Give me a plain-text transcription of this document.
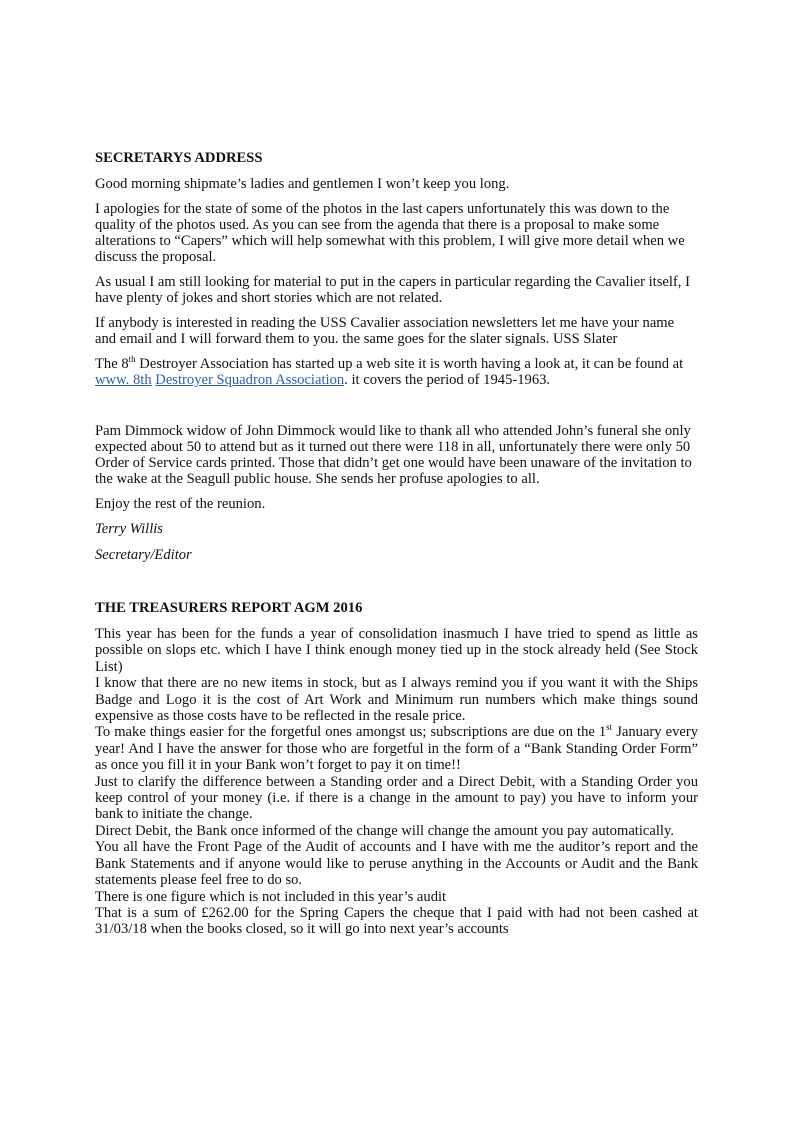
SECRETARYS ADDRESS

Good morning shipmate’s ladies and gentlemen I won’t keep you long.

I apologies for the state of some of the photos in the last capers unfortunately this was down to the quality of the photos used. As you can see from the agenda that there is a proposal to make some alterations to “Capers” which will help somewhat with this problem, I will give more detail when we discuss the proposal.

As usual I am still looking for material to put in the capers in particular regarding the Cavalier itself, I have plenty of jokes and short stories which are not related.

If anybody is interested in reading the USS Cavalier association newsletters let me have your name and email and I will forward them to you. the same goes for the slater signals. USS Slater

The 8th Destroyer Association has started up a web site it is worth having a look at, it can be found at www. 8th Destroyer Squadron Association. it covers the period of 1945-1963.

Pam Dimmock widow of John Dimmock would like to thank all who attended John’s funeral she only expected about 50 to attend but as it turned out there were 118 in all, unfortunately there were only 50 Order of Service cards printed. Those that didn’t get one would have been unaware of the invitation to the wake at the Seagull public house. She sends her profuse apologies to all.

Enjoy the rest of the reunion.

Terry Willis

Secretary/Editor

THE TREASURERS REPORT AGM 2016

This year has been for the funds a year of consolidation inasmuch I have tried to spend as little as possible on slops etc. which I have I think enough money tied up in the stock already held (See Stock List)

I know that there are no new items in stock, but as I always remind you if you want it with the Ships Badge and Logo it is the cost of Art Work and Minimum run numbers which make things sound expensive as those costs have to be reflected in the resale price.

To make things easier for the forgetful ones amongst us; subscriptions are due on the 1st January every year! And I have the answer for those who are forgetful in the form of a “Bank Standing Order Form” as once you fill it in your Bank won’t forget to pay it on time!!

Just to clarify the difference between a Standing order and a Direct Debit, with a Standing Order you keep control of your money (i.e. if there is a change in the amount to pay) you have to inform your bank to initiate the change.

Direct Debit, the Bank once informed of the change will change the amount you pay automatically.

You all have the Front Page of the Audit of accounts and I have with me the auditor’s report and the Bank Statements and if anyone would like to peruse anything in the Accounts or Audit and the Bank statements please feel free to do so.

There is one figure which is not included in this year’s audit

That is a sum of £262.00 for the Spring Capers the cheque that I paid with had not been cashed at 31/03/18 when the books closed, so it will go into next year’s accounts
